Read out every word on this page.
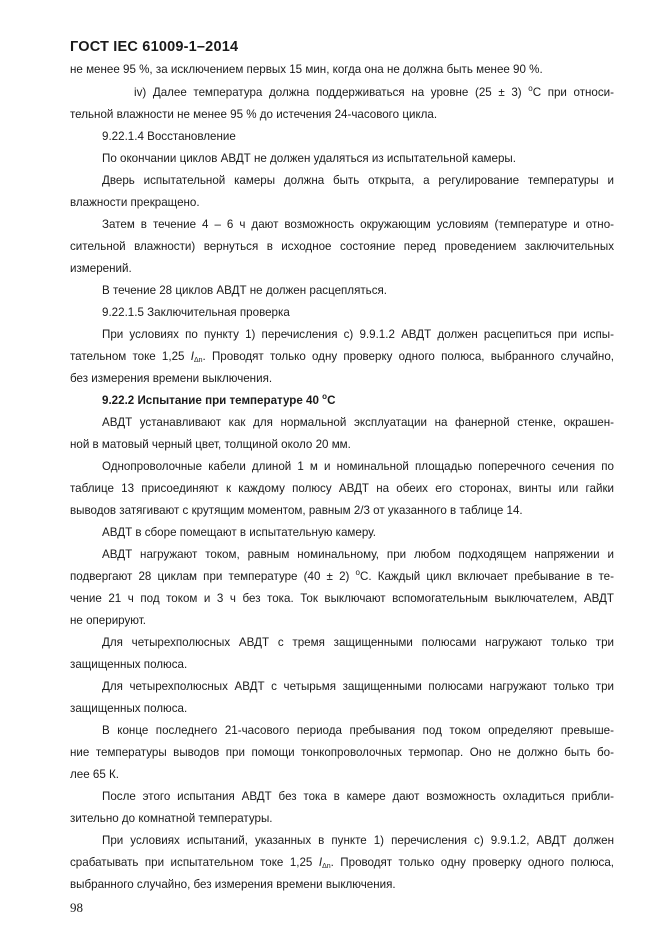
ГОСТ IEC 61009-1–2014
не менее 95 %, за исключением первых 15 мин, когда она не должна быть менее 90 %.
iv) Далее температура должна поддерживаться на уровне (25 ± 3) $^o$С при относи-
тельной влажности не менее 95 % до истечения 24-часового цикла.
9.22.1.4 Восстановление
По окончании циклов АВДТ не должен удаляться из испытательной камеры.
Дверь испытательной камеры должна быть открыта, а регулирование температуры и
влажности прекращено.
Затем в течение 4 – 6 ч дают возможность окружающим условиям (температуре и отно-
сительной влажности) вернуться в исходное состояние перед проведением заключительных
измерений.
В течение 28 циклов АВДТ не должен расцепляться.
9.22.1.5 Заключительная проверка
При условиях по пункту 1) перечисления с) 9.9.1.2 АВДТ должен расцепиться при испы-
тательном токе 1,25 $I_{\Delta n}$. Проводят только одну проверку одного полюса, выбранного случайно,
без измерения времени выключения.
9.22.2 Испытание при температуре 40 $^o$С
АВДТ устанавливают как для нормальной эксплуатации на фанерной стенке, окрашен-
ной в матовый черный цвет, толщиной около 20 мм.
Однопроволочные кабели длиной 1 м и номинальной площадью поперечного сечения по
таблице 13 присоединяют к каждому полюсу АВДТ на обеих его сторонах, винты или гайки
выводов затягивают с крутящим моментом, равным 2/3 от указанного в таблице 14.
АВДТ в сборе помещают в испытательную камеру.
АВДТ нагружают током, равным номинальному, при любом подходящем напряжении и
подвергают 28 циклам при температуре (40 ± 2) $^o$С. Каждый цикл включает пребывание в те-
чение 21 ч под током и 3 ч без тока. Ток выключают вспомогательным выключателем, АВДТ
не оперируют.
Для четырехполюсных АВДТ с тремя защищенными полюсами нагружают только три
защищенных полюса.
Для четырехполюсных АВДТ с четырьмя защищенными полюсами нагружают только три
защищенных полюса.
В конце последнего 21-часового периода пребывания под током определяют превыше-
ние температуры выводов при помощи тонкопроволочных термопар. Оно не должно быть бо-
лее 65 К.
После этого испытания АВДТ без тока в камере дают возможность охладиться прибли-
зительно до комнатной температуры.
При условиях испытаний, указанных в пункте 1) перечисления с) 9.9.1.2, АВДТ должен
срабатывать при испытательном токе 1,25 $I_{\Delta n}$. Проводят только одну проверку одного полюса,
выбранного случайно, без измерения времени выключения.
98
